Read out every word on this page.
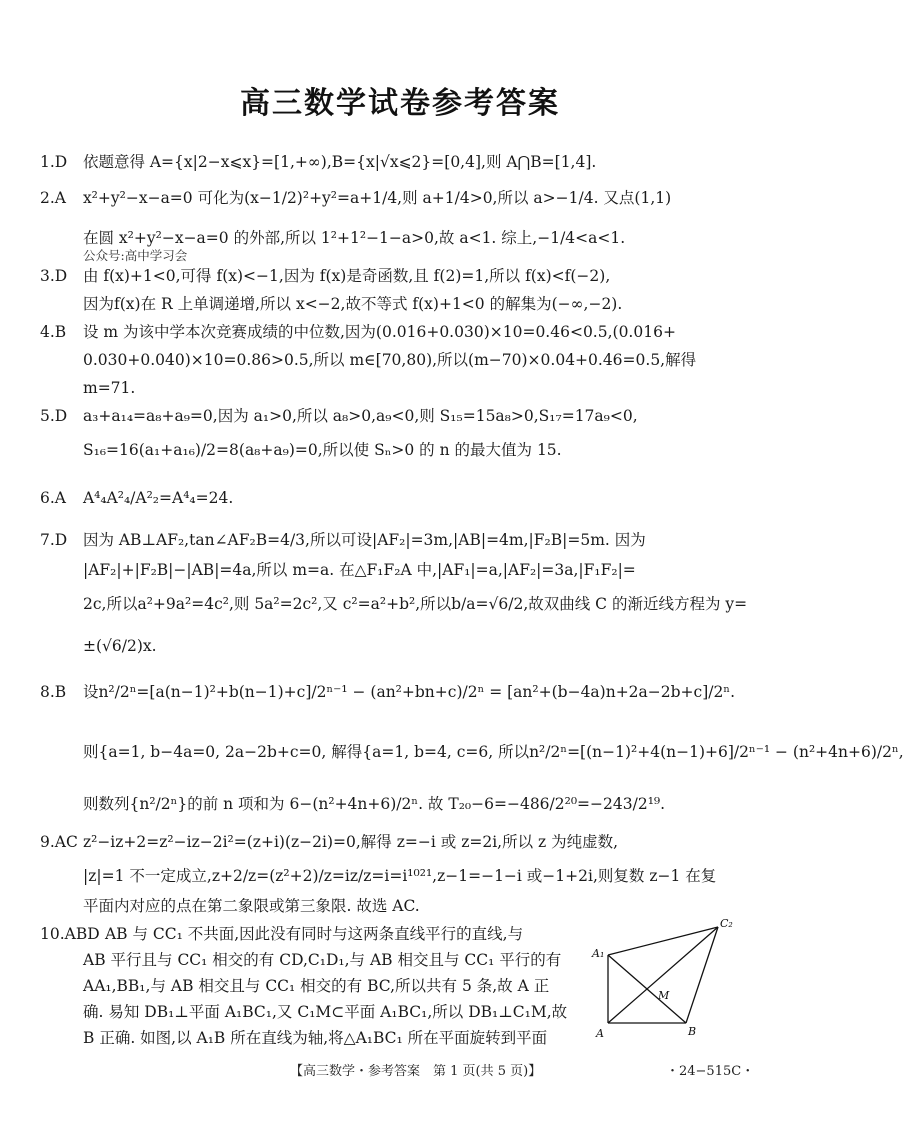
高三数学试卷参考答案
1.D 依题意得 A={x|2−x⩽x}=[1,+∞),B={x|√x⩽2}=[0,4],则 A⋂B=[1,4].
2.A x²+y²−x−a=0 可化为(x−1/2)²+y²=a+1/4,则 a+1/4>0,所以 a>−1/4. 又点(1,1)
在圆 x²+y²−x−a=0 的外部,所以 1²+1²−1−a>0,故 a<1. 综上,−1/4<a<1.
公众号:高中学习会
3.D 由 f(x)+1<0,可得 f(x)<−1,因为 f(x)是奇函数,且 f(2)=1,所以 f(x)<f(−2),
因为f(x)在 R 上单调递增,所以 x<−2,故不等式 f(x)+1<0 的解集为(−∞,−2).
4.B 设 m 为该中学本次竞赛成绩的中位数,因为(0.016+0.030)×10=0.46<0.5,(0.016+
0.030+0.040)×10=0.86>0.5,所以 m∈[70,80),所以(m−70)×0.04+0.46=0.5,解得
m=71.
5.D a₃+a₁₄=a₈+a₉=0,因为 a₁>0,所以 a₈>0,a₉<0,则 S₁₅=15a₈>0,S₁₇=17a₉<0,
S₁₆=16(a₁+a₁₆)/2=8(a₈+a₉)=0,所以使 Sₙ>0 的 n 的最大值为 15.
6.A A⁴₄A²₄/A²₂=A⁴₄=24.
7.D 因为 AB⊥AF₂,tan∠AF₂B=4/3,所以可设|AF₂|=3m,|AB|=4m,|F₂B|=5m. 因为
|AF₂|+|F₂B|−|AB|=4a,所以 m=a. 在△F₁F₂A 中,|AF₁|=a,|AF₂|=3a,|F₁F₂|=
2c,所以a²+9a²=4c²,则 5a²=2c²,又 c²=a²+b²,所以b/a=√6/2,故双曲线 C 的渐近线方程为 y=
±(√6/2)x.
8.B 设n²/2ⁿ=[a(n−1)²+b(n−1)+c]/2ⁿ⁻¹ − (an²+bn+c)/2ⁿ = [an²+(b−4a)n+2a−2b+c]/2ⁿ.
则{a=1, b−4a=0, 2a−2b+c=0, 解得{a=1, b=4, c=6, 所以n²/2ⁿ=[(n−1)²+4(n−1)+6]/2ⁿ⁻¹ − (n²+4n+6)/2ⁿ,
则数列{n²/2ⁿ}的前 n 项和为 6−(n²+4n+6)/2ⁿ. 故 T₂₀−6=−486/2²⁰=−243/2¹⁹.
9.AC z²−iz+2=z²−iz−2i²=(z+i)(z−2i)=0,解得 z=−i 或 z=2i,所以 z 为纯虚数,
|z|=1 不一定成立,z+2/z=(z²+2)/z=iz/z=i=i¹⁰²¹,z−1=−1−i 或−1+2i,则复数 z−1 在复
平面内对应的点在第二象限或第三象限. 故选 AC.
10.ABD AB 与 CC₁ 不共面,因此没有同时与这两条直线平行的直线,与
AB 平行且与 CC₁ 相交的有 CD,C₁D₁,与 AB 相交且与 CC₁ 平行的有
AA₁,BB₁,与 AB 相交且与 CC₁ 相交的有 BC,所以共有 5 条,故 A 正
确. 易知 DB₁⊥平面 A₁BC₁,又 C₁M⊂平面 A₁BC₁,所以 DB₁⊥C₁M,故
B 正确. 如图,以 A₁B 所在直线为轴,将△A₁BC₁ 所在平面旋转到平面
A₁
C₂
M
A	B
【高三数学・参考答案　第 1 页(共 5 页)】	・24−515C・
